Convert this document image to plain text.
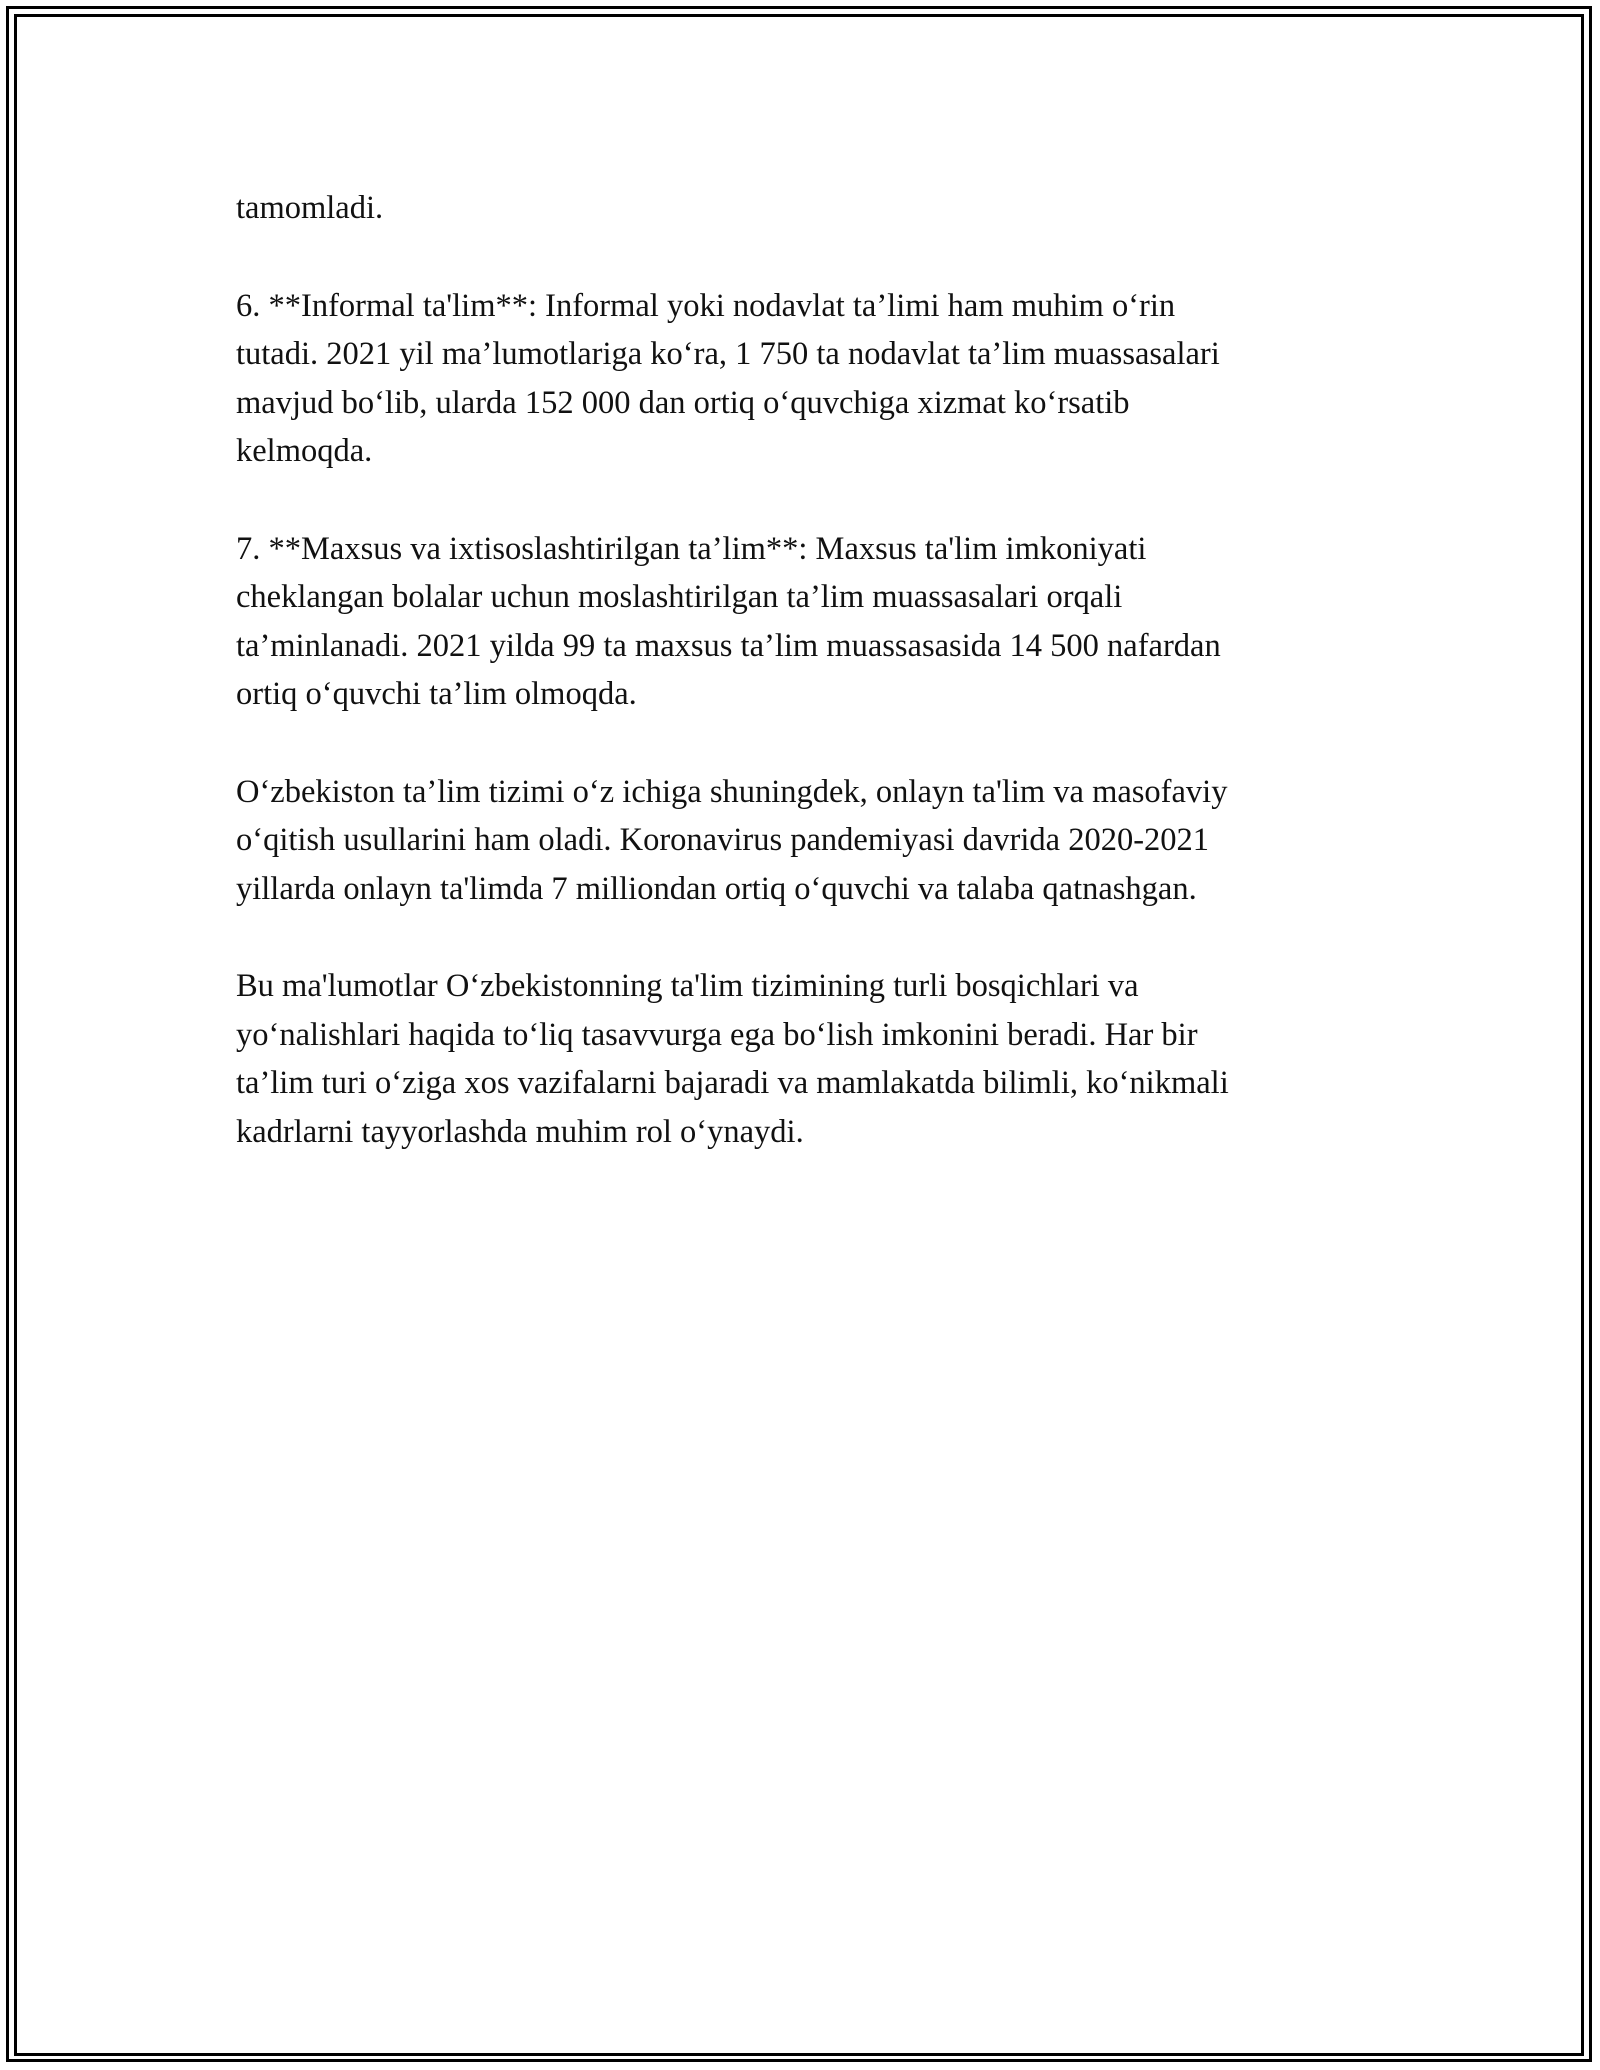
tamomladi.

6. **Informal ta'lim**: Informal yoki nodavlat ta’limi ham muhim o‘rin
tutadi. 2021 yil ma’lumotlariga ko‘ra, 1 750 ta nodavlat ta’lim muassasalari
mavjud bo‘lib, ularda 152 000 dan ortiq o‘quvchiga xizmat ko‘rsatib
kelmoqda.

7. **Maxsus va ixtisoslashtirilgan ta’lim**: Maxsus ta'lim imkoniyati
cheklangan bolalar uchun moslashtirilgan ta’lim muassasalari orqali
ta’minlanadi. 2021 yilda 99 ta maxsus ta’lim muassasasida 14 500 nafardan
ortiq o‘quvchi ta’lim olmoqda.

O‘zbekiston ta’lim tizimi o‘z ichiga shuningdek, onlayn ta'lim va masofaviy
o‘qitish usullarini ham oladi. Koronavirus pandemiyasi davrida 2020-2021
yillarda onlayn ta'limda 7 milliondan ortiq o‘quvchi va talaba qatnashgan.

Bu ma'lumotlar O‘zbekistonning ta'lim tizimining turli bosqichlari va
yo‘nalishlari haqida to‘liq tasavvurga ega bo‘lish imkonini beradi. Har bir
ta’lim turi o‘ziga xos vazifalarni bajaradi va mamlakatda bilimli, ko‘nikmali
kadrlarni tayyorlashda muhim rol o‘ynaydi.
